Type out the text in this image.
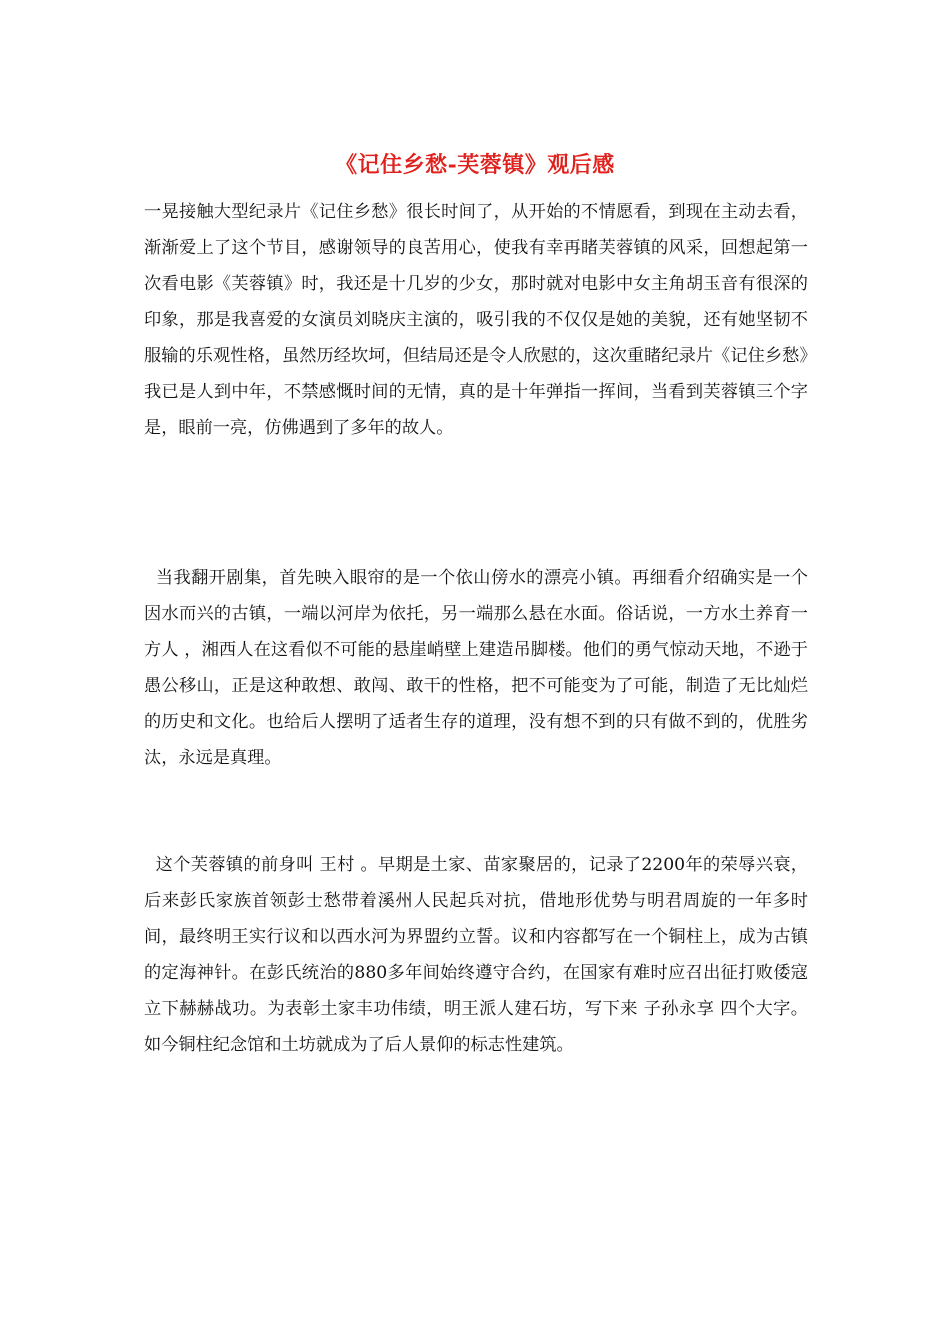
《记住乡愁-芙蓉镇》观后感

一晃接触大型纪录片《记住乡愁》很长时间了，从开始的不情愿看，到现在主动去看，渐渐爱上了这个节目，感谢领导的良苦用心，使我有幸再睹芙蓉镇的风采，回想起第一次看电影《芙蓉镇》时，我还是十几岁的少女，那时就对电影中女主角胡玉音有很深的印象，那是我喜爱的女演员刘晓庆主演的，吸引我的不仅仅是她的美貌，还有她坚韧不服输的乐观性格，虽然历经坎坷，但结局还是令人欣慰的，这次重睹纪录片《记住乡愁》我已是人到中年，不禁感慨时间的无情，真的是十年弹指一挥间，当看到芙蓉镇三个字是，眼前一亮，仿佛遇到了多年的故人。

当我翻开剧集，首先映入眼帘的是一个依山傍水的漂亮小镇。再细看介绍确实是一个因水而兴的古镇，一端以河岸为依托，另一端那么悬在水面。俗话说，一方水土养育一方人 ，湘西人在这看似不可能的悬崖峭壁上建造吊脚楼。他们的勇气惊动天地，不逊于愚公移山，正是这种敢想、敢闯、敢干的性格，把不可能变为了可能，制造了无比灿烂的历史和文化。也给后人摆明了适者生存的道理，没有想不到的只有做不到的，优胜劣汰，永远是真理。

这个芙蓉镇的前身叫 王村 。早期是土家、苗家聚居的，记录了2200年的荣辱兴衰，后来彭氏家族首领彭士愁带着溪州人民起兵对抗，借地形优势与明君周旋的一年多时间，最终明王实行议和以西水河为界盟约立誓。议和内容都写在一个铜柱上，成为古镇的定海神针。在彭氏统治的880多年间始终遵守合约，在国家有难时应召出征打败倭寇立下赫赫战功。为表彰土家丰功伟绩，明王派人建石坊，写下来 子孙永享 四个大字。如今铜柱纪念馆和土坊就成为了后人景仰的标志性建筑。
